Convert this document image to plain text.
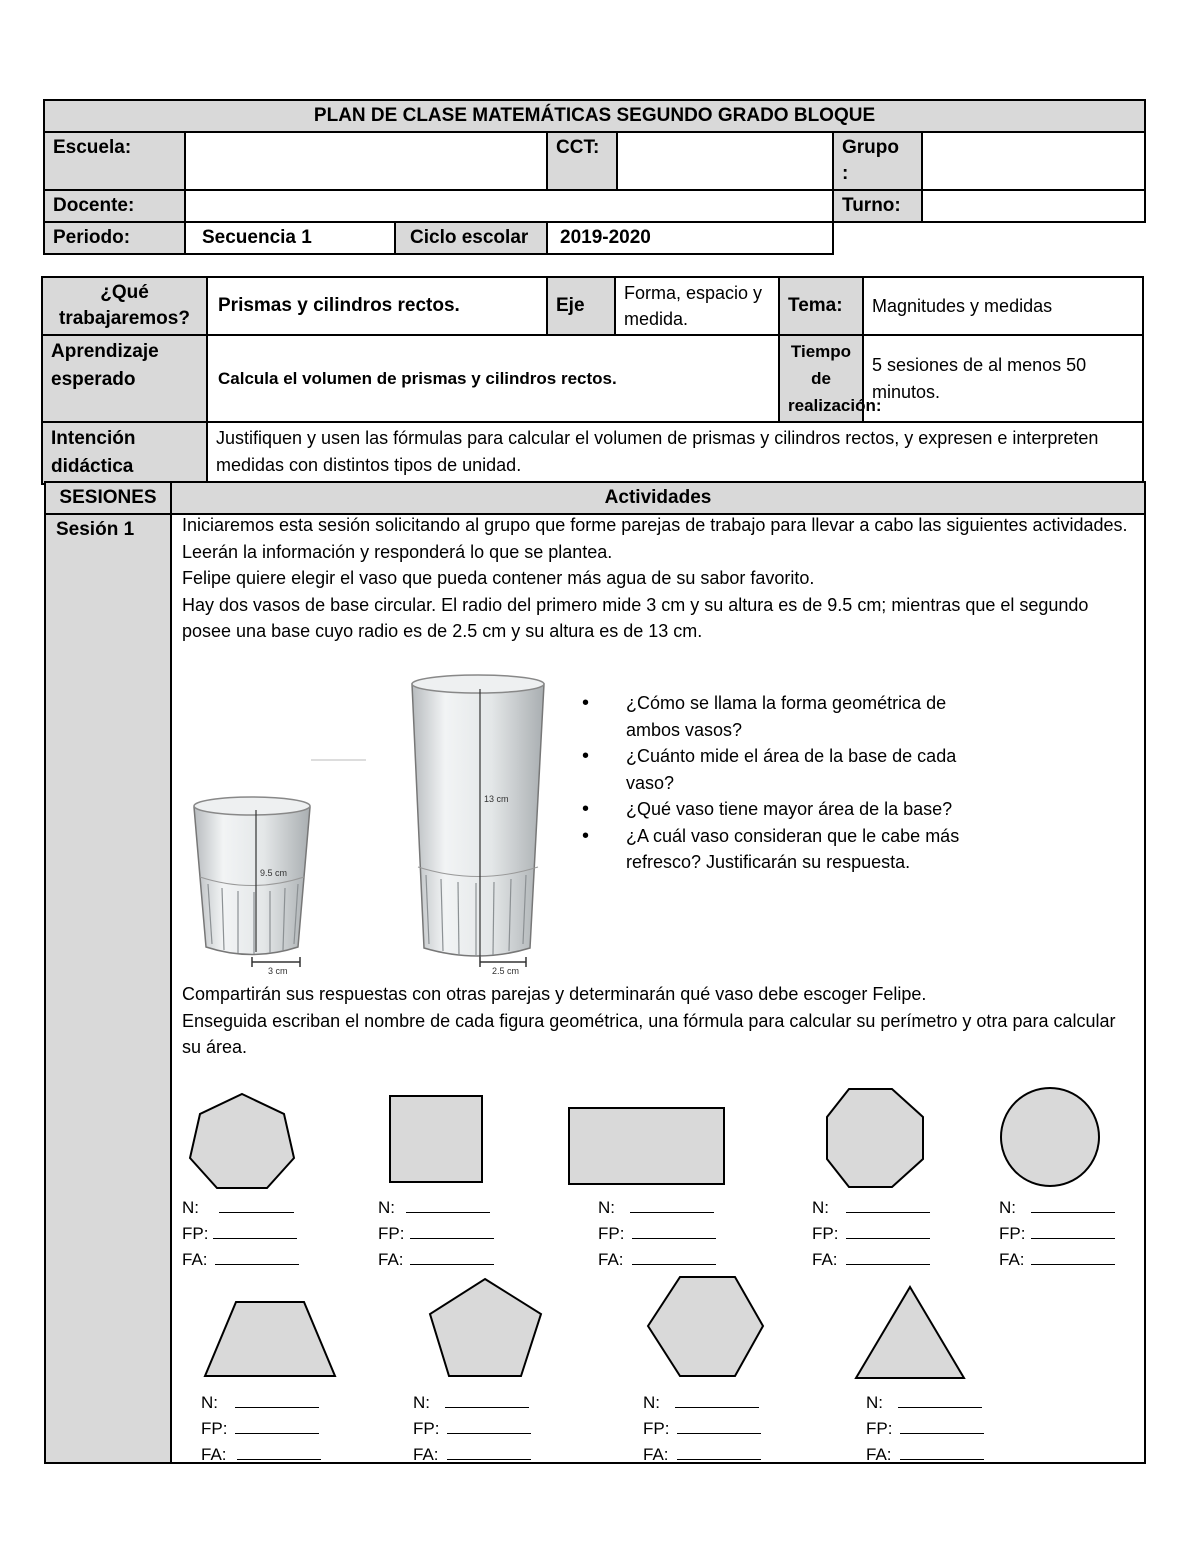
PLAN DE CLASE MATEMÁTICAS SEGUNDO GRADO BLOQUE						
Escuela:			CCT:		Grupo
:	
Docente:					Turno:	
Periodo:	Secuencia 1	Ciclo escolar	2019-2020			
¿Qué trabajaremos?	Prismas y cilindros rectos.	Eje	Forma, espacio y medida.	Tema:	Magnitudes y medidas
Aprendizaje esperado	Calcula el volumen de prismas y cilindros rectos.			Tiempo de realización:	5 sesiones de al menos 50 minutos.
Intención didáctica	Justifiquen y usen las fórmulas para calcular el volumen de prismas y cilindros rectos, y expresen e interpreten medidas con distintos tipos de unidad.				
SESIONES	Actividades
Sesión 1		Iniciaremos esta sesión solicitando al grupo que forme parejas de trabajo para llevar a cabo las siguientes actividades.

Leerán la información y responderá lo que se plantea.

Felipe quiere elegir el vaso que pueda contener más agua de su sabor favorito.

Hay dos vasos de base circular. El radio del primero mide 3 cm y su altura es de 9.5 cm; mientras que el segundo posee una base cuyo radio es de 2.5 cm y su altura es de 13 cm.

9.5 cm
3 cm
13 cm
2.5 cm
• ¿Cómo se llama la forma geométrica de ambos vasos?
• ¿Cuánto mide el área de la base de cada vaso?
• ¿Qué vaso tiene mayor área de la base?
• ¿A cuál vaso consideran que le cabe más refresco? Justificarán su respuesta.

Compartirán sus respuestas con otras parejas y determinarán qué vaso debe escoger Felipe.

Enseguida escriban el nombre de cada figura geométrica, una fórmula para calcular su perímetro y otra para calcular su área.

N:
FP:
FA:
N:
FP:
FA:
N:
FP:
FA:
N:
FP:
FA:
N:
FP:
FA:
N:
FP:
FA:
N:
FP:
FA:
N:
FP:
FA:
N:
FP:
FA:
